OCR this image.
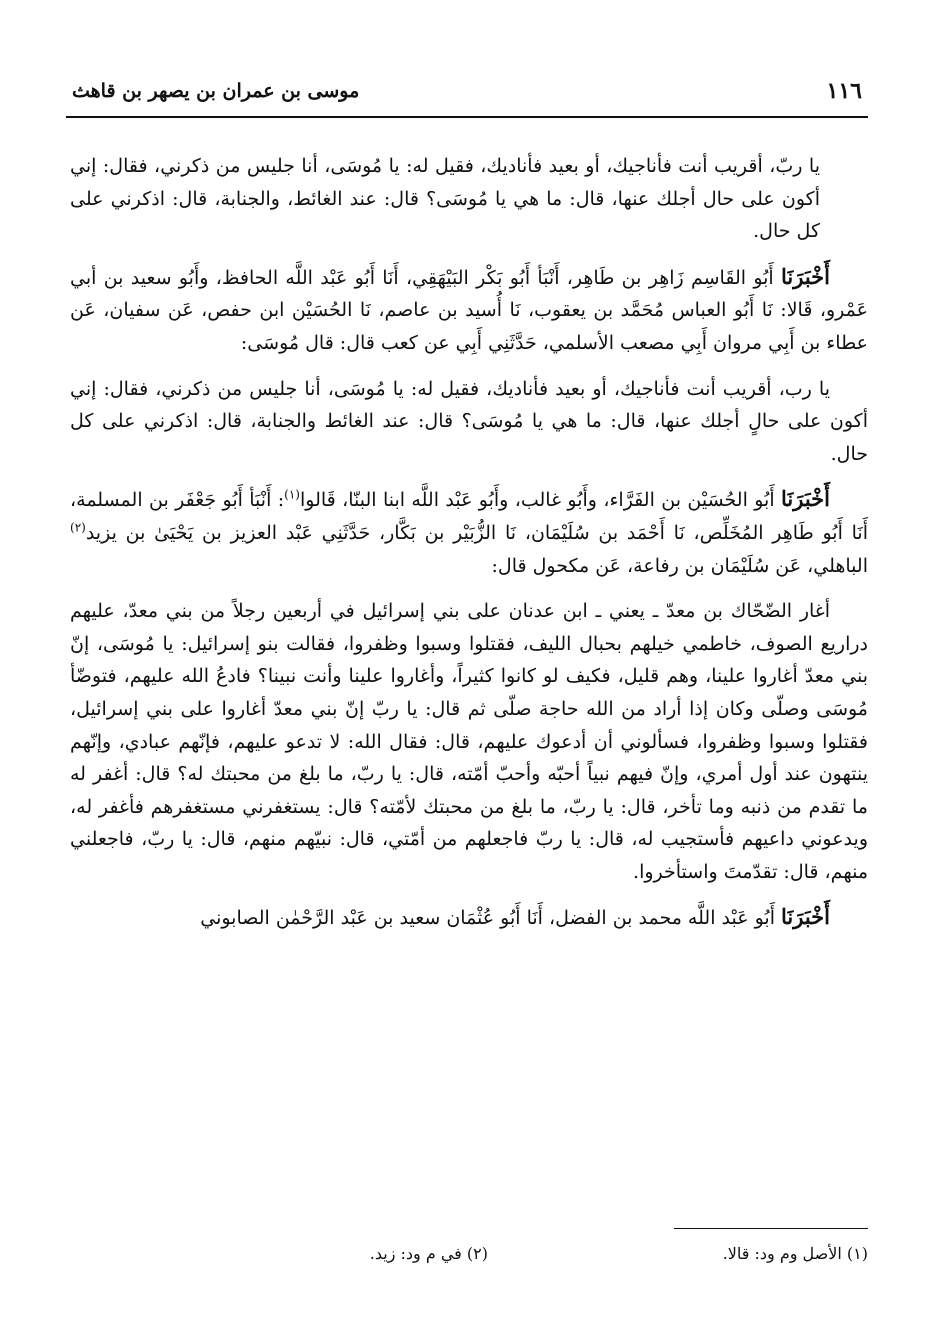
١١٦
موسى بن عمران بن يصهر بن قاهث

يا ربّ، أقريب أنت فأناجيك، أو بعيد فأناديك، فقيل له: يا مُوسَى، أنا جليس من ذكرني، فقال: إني أكون على حال أجلك عنها، قال: ما هي يا مُوسَى؟ قال: عند الغائط، والجنابة، قال: اذكرني على كل حال.

أَخْبَرَنَا أَبُو القَاسِم زَاهِر بن طَاهِر، أَنْبَأ أَبُو بَكْر البَيْهَقِي، أَنَا أَبُو عَبْد اللَّه الحافظ، وأَبُو سعيد بن أبي عَمْرو، قَالا: نَا أَبُو العباس مُحَمَّد بن يعقوب، نَا أُسيد بن عاصم، نَا الحُسَيْن ابن حفص، عَن سفيان، عَن عطاء بن أَبِي مروان أَبِي مصعب الأسلمي، حَدَّثَنِي أَبِي عن كعب قال: قال مُوسَى:

يا رب، أقريب أنت فأناجيك، أو بعيد فأناديك، فقيل له: يا مُوسَى، أنا جليس من ذكرني، فقال: إني أكون على حالٍ أجلك عنها، قال: ما هي يا مُوسَى؟ قال: عند الغائط والجنابة، قال: اذكرني على كل حال.

أَخْبَرَنَا أَبُو الحُسَيْن بن الفَرَّاء، وأَبُو غالب، وأَبُو عَبْد اللَّه ابنا البنّا، قَالوا$^{(١)}$: أَنْبَأ أَبُو جَعْفَر بن المسلمة، أَنَا أَبُو طَاهِر المُخَلِّص، نَا أَحْمَد بن سُلَيْمَان، نَا الزُّبَيْر بن بَكَّار، حَدَّثَنِي عَبْد العزيز بن يَحْيَىٰ بن يزيد$^{(٢)}$ الباهلي، عَن سُلَيْمَان بن رفاعة، عَن مكحول قال:

أغار الضّحّاك بن معدّ ـ يعني ـ ابن عدنان على بني إسرائيل في أربعين رجلاً من بني معدّ، عليهم دراريع الصوف، خاطمي خيلهم بحبال الليف، فقتلوا وسبوا وظفروا، فقالت بنو إسرائيل: يا مُوسَى، إنّ بني معدّ أغاروا علينا، وهم قليل، فكيف لو كانوا كثيراً، وأغاروا علينا وأنت نبينا؟ فادعُ الله عليهم، فتوضّأ مُوسَى وصلّى وكان إذا أراد من الله حاجة صلّى ثم قال: يا ربّ إنّ بني معدّ أغاروا على بني إسرائيل، فقتلوا وسبوا وظفروا، فسألوني أن أدعوك عليهم، قال: فقال الله: لا تدعو عليهم، فإنّهم عبادي، وإنّهم ينتهون عند أول أمري، وإنّ فيهم نبياً أحبّه وأحبّ أمّته، قال: يا ربّ، ما بلغ من محبتك له؟ قال: أغفر له ما تقدم من ذنبه وما تأخر، قال: يا ربّ، ما بلغ من محبتك لأمّته؟ قال: يستغفرني مستغفرهم فأغفر له، ويدعوني داعيهم فأستجيب له، قال: يا ربّ فاجعلهم من أمّتي، قال: نبيّهم منهم، قال: يا ربّ، فاجعلني منهم، قال: تقدّمتَ واستأخروا.

أَخْبَرَنَا أَبُو عَبْد اللَّه محمد بن الفضل، أَنَا أَبُو عُثْمَان سعيد بن عَبْد الرَّحْمٰن الصابوني

(١) الأصل وم ود: قالا.
(٢) في م ود: زيد.
